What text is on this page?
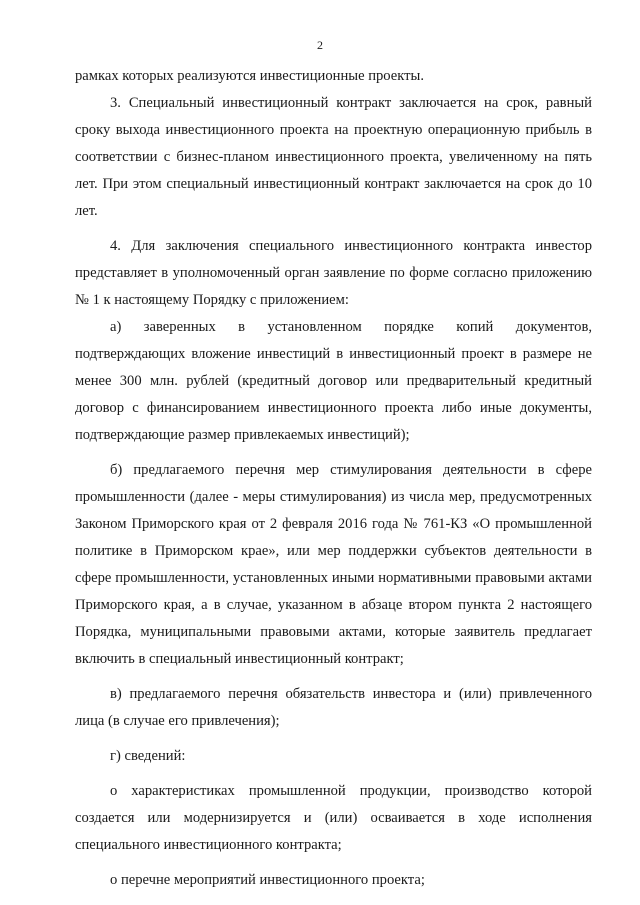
2

рамках которых реализуются инвестиционные проекты.

3. Специальный инвестиционный контракт заключается на срок, равный сроку выхода инвестиционного проекта на проектную операционную прибыль в соответствии с бизнес-планом инвестиционного проекта, увеличенному на пять лет. При этом специальный инвестиционный контракт заключается на срок до 10 лет.

4. Для заключения специального инвестиционного контракта инвестор представляет в уполномоченный орган заявление по форме согласно приложению № 1 к настоящему Порядку с приложением:

а) заверенных в установленном порядке копий документов, подтверждающих вложение инвестиций в инвестиционный проект в размере не менее 300 млн. рублей (кредитный договор или предварительный кредитный договор с финансированием инвестиционного проекта либо иные документы, подтверждающие размер привлекаемых инвестиций);

б) предлагаемого перечня мер стимулирования деятельности в сфере промышленности (далее - меры стимулирования) из числа мер, предусмотренных Законом Приморского края от 2 февраля 2016 года № 761-КЗ «О промышленной политике в Приморском крае», или мер поддержки субъектов деятельности в сфере промышленности, установленных иными нормативными правовыми актами Приморского края, а в случае, указанном в абзаце втором пункта 2 настоящего Порядка, муниципальными правовыми актами, которые заявитель предлагает включить в специальный инвестиционный контракт;

в) предлагаемого перечня обязательств инвестора и (или) привлеченного лица (в случае его привлечения);

г) сведений:

о характеристиках промышленной продукции, производство которой создается или модернизируется и (или) осваивается в ходе исполнения специального инвестиционного контракта;

о перечне мероприятий инвестиционного проекта;
